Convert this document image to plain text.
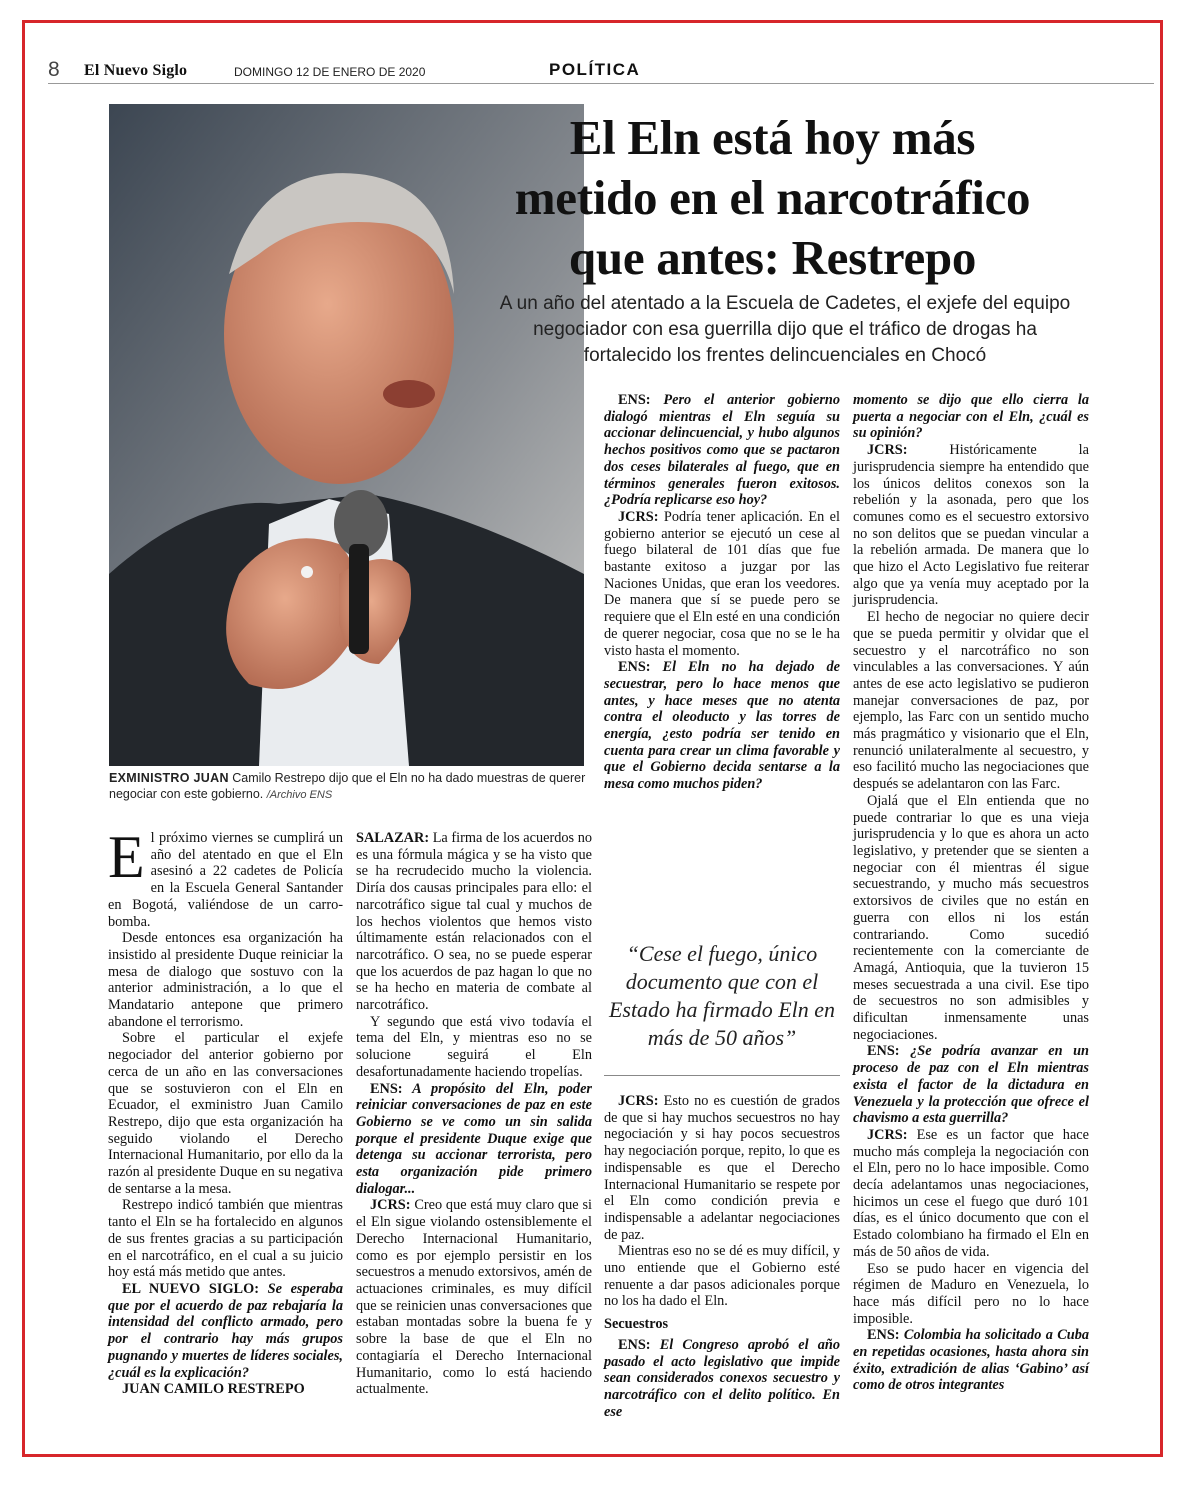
8 El Nuevo Siglo	DOMINGO 12 DE ENERO DE 2020	POLÍTICA
EXMINISTRO JUAN Camilo Restrepo dijo que el Eln no ha dado muestras de querer negociar con este gobierno. /Archivo ENS
El Eln está hoy más
metido en el narcotráfico
que antes: Restrepo
A un año del atentado a la Escuela de Cadetes, el exjefe del equipo
negociador con esa guerrilla dijo que el tráfico de drogas ha
fortalecido los frentes delincuenciales en Chocó

El próximo viernes se cumplirá un año del atentado en que el Eln asesinó a 22 cadetes de Policía en la Escuela General Santander en Bogotá, valiéndose de un carro-bomba.

Desde entonces esa organización ha insistido al presidente Duque reiniciar la mesa de dialogo que sostuvo con la anterior administración, a lo que el Mandatario antepone que primero abandone el terrorismo.

Sobre el particular el exjefe negociador del anterior gobierno por cerca de un año en las conversaciones que se sostuvieron con el Eln en Ecuador, el exministro Juan Camilo Restrepo, dijo que esta organización ha seguido violando el Derecho Internacional Humanitario, por ello da la razón al presidente Duque en su negativa de sentarse a la mesa.

Restrepo indicó también que mientras tanto el Eln se ha fortalecido en algunos de sus frentes gracias a su participación en el narcotráfico, en el cual a su juicio hoy está más metido que antes.

EL NUEVO SIGLO: Se esperaba que por el acuerdo de paz rebajaría la intensidad del conflicto armado, pero por el contrario hay más grupos pugnando y muertes de líderes sociales, ¿cuál es la explicación?

JUAN CAMILO RESTREPO

SALAZAR: La firma de los acuerdos no es una fórmula mágica y se ha visto que se ha recrudecido mucho la violencia. Diría dos causas principales para ello: el narcotráfico sigue tal cual y muchos de los hechos violentos que hemos visto últimamente están relacionados con el narcotráfico. O sea, no se puede esperar que los acuerdos de paz hagan lo que no se ha hecho en materia de combate al narcotráfico.

Y segundo que está vivo todavía el tema del Eln, y mientras eso no se solucione seguirá el Eln desafortunadamente haciendo tropelías.

ENS: A propósito del Eln, poder reiniciar conversaciones de paz en este Gobierno se ve como un sin salida porque el presidente Duque exige que detenga su accionar terrorista, pero esta organización pide primero dialogar...

JCRS: Creo que está muy claro que si el Eln sigue violando ostensiblemente el Derecho Internacional Humanitario, como es por ejemplo persistir en los secuestros a menudo extorsivos, amén de actuaciones criminales, es muy difícil que se reinicien unas conversaciones que estaban montadas sobre la buena fe y sobre la base de que el Eln no contagiaría el Derecho Internacional Humanitario, como lo está haciendo actualmente.

ENS: Pero el anterior gobierno dialogó mientras el Eln seguía su accionar delincuencial, y hubo algunos hechos positivos como que se pactaron dos ceses bilaterales al fuego, que en términos generales fueron exitosos. ¿Podría replicarse eso hoy?

JCRS: Podría tener aplicación. En el gobierno anterior se ejecutó un cese al fuego bilateral de 101 días que fue bastante exitoso a juzgar por las Naciones Unidas, que eran los veedores. De manera que sí se puede pero se requiere que el Eln esté en una condición de querer negociar, cosa que no se le ha visto hasta el momento.

ENS: El Eln no ha dejado de secuestrar, pero lo hace menos que antes, y hace meses que no atenta contra el oleoducto y las torres de energía, ¿esto podría ser tenido en cuenta para crear un clima favorable y que el Gobierno decida sentarse a la mesa como muchos piden?

“Cese el fuego, único documento que con el Estado ha firmado Eln en más de 50 años”

JCRS: Esto no es cuestión de grados de que si hay muchos secuestros no hay negociación y si hay pocos secuestros hay negociación porque, repito, lo que es indispensable es que el Derecho Internacional Humanitario se respete por el Eln como condición previa e indispensable a adelantar negociaciones de paz.

Mientras eso no se dé es muy difícil, y uno entiende que el Gobierno esté renuente a dar pasos adicionales porque no los ha dado el Eln.

Secuestros

ENS: El Congreso aprobó el año pasado el acto legislativo que impide sean considerados conexos secuestro y narcotráfico con el delito político. En ese

momento se dijo que ello cierra la puerta a negociar con el Eln, ¿cuál es su opinión?

JCRS: Históricamente la jurisprudencia siempre ha entendido que los únicos delitos conexos son la rebelión y la asonada, pero que los comunes como es el secuestro extorsivo no son delitos que se puedan vincular a la rebelión armada. De manera que lo que hizo el Acto Legislativo fue reiterar algo que ya venía muy aceptado por la jurisprudencia.

El hecho de negociar no quiere decir que se pueda permitir y olvidar que el secuestro y el narcotráfico no son vinculables a las conversaciones. Y aún antes de ese acto legislativo se pudieron manejar conversaciones de paz, por ejemplo, las Farc con un sentido mucho más pragmático y visionario que el Eln, renunció unilateralmente al secuestro, y eso facilitó mucho las negociaciones que después se adelantaron con las Farc.

Ojalá que el Eln entienda que no puede contrariar lo que es una vieja jurisprudencia y lo que es ahora un acto legislativo, y pretender que se sienten a negociar con él mientras él sigue secuestrando, y mucho más secuestros extorsivos de civiles que no están en guerra con ellos ni los están contrariando. Como sucedió recientemente con la comerciante de Amagá, Antioquia, que la tuvieron 15 meses secuestrada a una civil. Ese tipo de secuestros no son admisibles y dificultan inmensamente unas negociaciones.

ENS: ¿Se podría avanzar en un proceso de paz con el Eln mientras exista el factor de la dictadura en Venezuela y la protección que ofrece el chavismo a esta guerrilla?

JCRS: Ese es un factor que hace mucho más compleja la negociación con el Eln, pero no lo hace imposible. Como decía adelantamos unas negociaciones, hicimos un cese el fuego que duró 101 días, es el único documento que con el Estado colombiano ha firmado el Eln en más de 50 años de vida.

Eso se pudo hacer en vigencia del régimen de Maduro en Venezuela, lo hace más difícil pero no lo hace imposible.

ENS: Colombia ha solicitado a Cuba en repetidas ocasiones, hasta ahora sin éxito, extradición de alias ‘Gabino’ así como de otros integrantes
